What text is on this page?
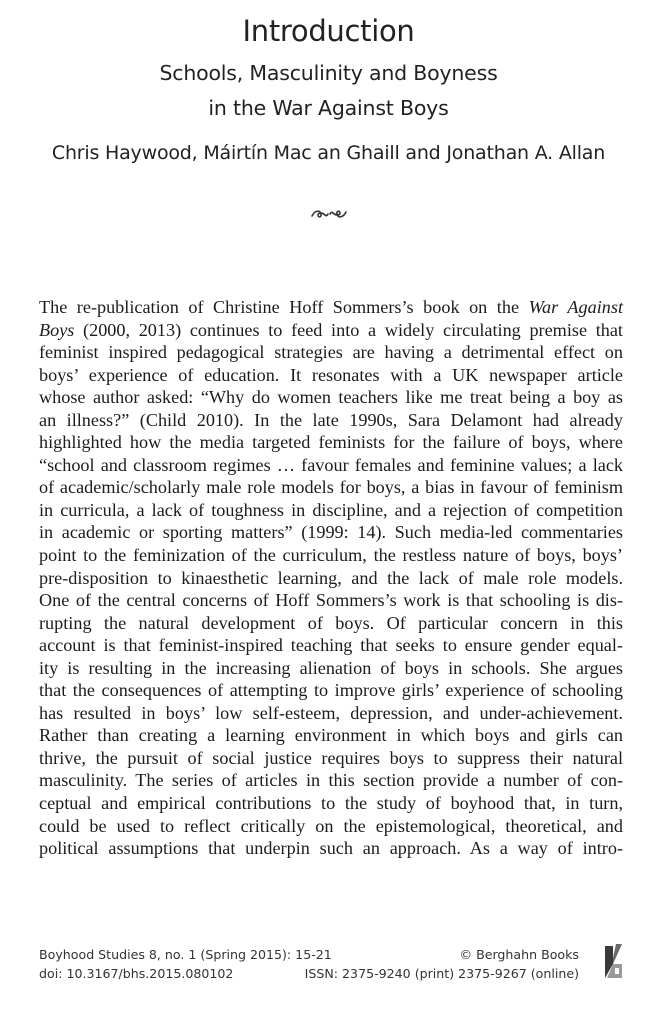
Introduction
Schools, Masculinity and Boyness
in the War Against Boys
Chris Haywood, Máirtín Mac an Ghaill and Jonathan A. Allan
The re-publication of Christine Hoff Sommers’s book on the War Against
Boys (2000, 2013) continues to feed into a widely circulating premise that
feminist inspired pedagogical strategies are having a detrimental effect on
boys’ experience of education. It resonates with a UK newspaper article
whose author asked: “Why do women teachers like me treat being a boy as
an illness?” (Child 2010). In the late 1990s, Sara Delamont had already
highlighted how the media targeted feminists for the failure of boys, where
“school and classroom regimes … favour females and feminine values; a lack
of academic/scholarly male role models for boys, a bias in favour of feminism
in curricula, a lack of toughness in discipline, and a rejection of competition
in academic or sporting matters” (1999: 14). Such media-led commentaries
point to the feminization of the curriculum, the restless nature of boys, boys’
pre-disposition to kinaesthetic learning, and the lack of male role models.
One of the central concerns of Hoff Sommers’s work is that schooling is dis-
rupting the natural development of boys. Of particular concern in this
account is that feminist-inspired teaching that seeks to ensure gender equal-
ity is resulting in the increasing alienation of boys in schools. She argues
that the consequences of attempting to improve girls’ experience of schooling
has resulted in boys’ low self-esteem, depression, and under-achievement.
Rather than creating a learning environment in which boys and girls can
thrive, the pursuit of social justice requires boys to suppress their natural
masculinity. The series of articles in this section provide a number of con-
ceptual and empirical contributions to the study of boyhood that, in turn,
could be used to reflect critically on the epistemological, theoretical, and
political assumptions that underpin such an approach. As a way of intro-
Boyhood Studies 8, no. 1 (Spring 2015): 15-21
doi: 10.3167/bhs.2015.080102
© Berghahn Books
ISSN: 2375-9240 (print) 2375-9267 (online)
